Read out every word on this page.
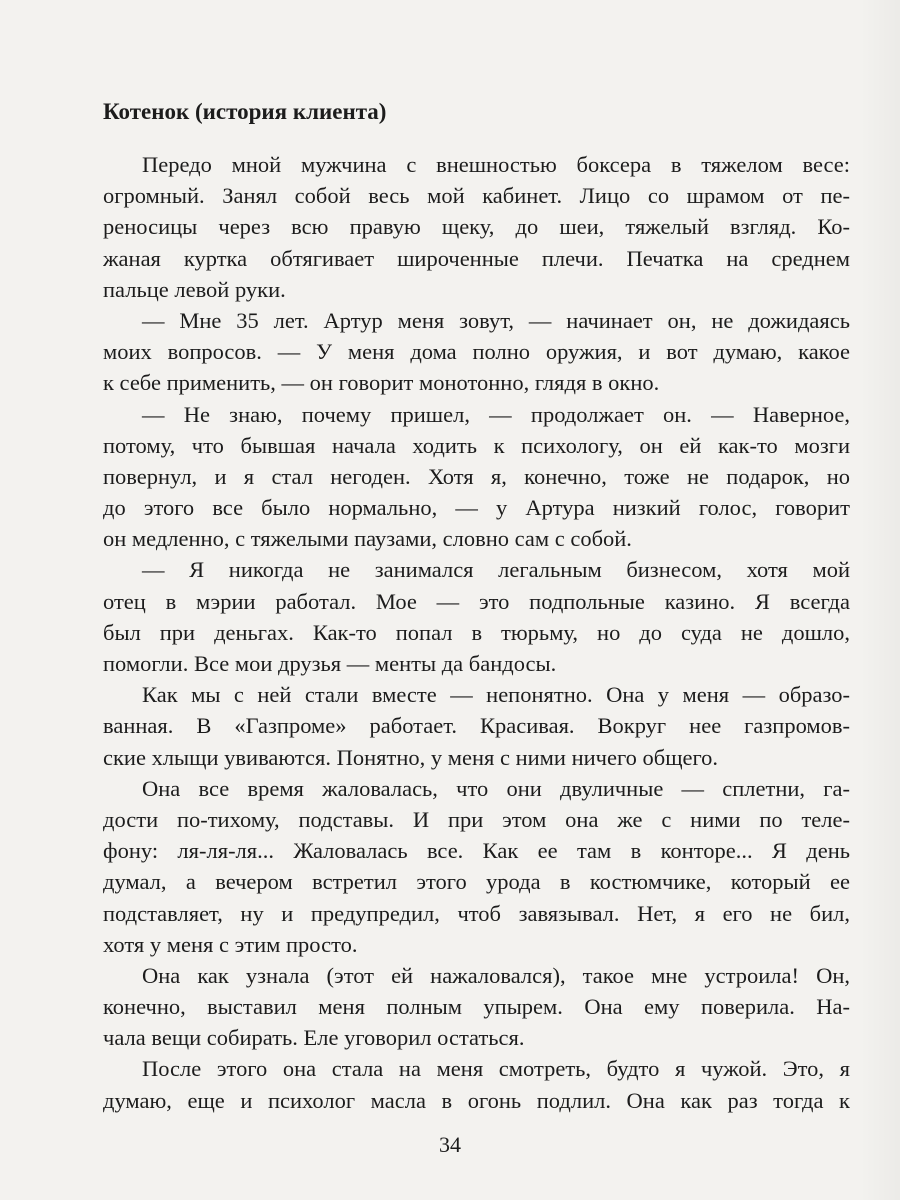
Котенок (история клиента)
Передо мной мужчина с внешностью боксера в тяжелом весе:
огромный. Занял собой весь мой кабинет. Лицо со шрамом от пе-
реносицы через всю правую щеку, до шеи, тяжелый взгляд. Ко-
жаная куртка обтягивает широченные плечи. Печатка на среднем
пальце левой руки.
— Мне 35 лет. Артур меня зовут, — начинает он, не дожидаясь
моих вопросов. — У меня дома полно оружия, и вот думаю, какое
к себе применить, — он говорит монотонно, глядя в окно.
— Не знаю, почему пришел, — продолжает он. — Наверное,
потому, что бывшая начала ходить к психологу, он ей как-то мозги
повернул, и я стал негоден. Хотя я, конечно, тоже не подарок, но
до этого все было нормально, — у Артура низкий голос, говорит
он медленно, с тяжелыми паузами, словно сам с собой.
— Я никогда не занимался легальным бизнесом, хотя мой
отец в мэрии работал. Мое — это подпольные казино. Я всегда
был при деньгах. Как-то попал в тюрьму, но до суда не дошло,
помогли. Все мои друзья — менты да бандосы.
Как мы с ней стали вместе — непонятно. Она у меня — образо-
ванная. В «Газпроме» работает. Красивая. Вокруг нее газпромов-
ские хлыщи увиваются. Понятно, у меня с ними ничего общего.
Она все время жаловалась, что они двуличные — сплетни, га-
дости по-тихому, подставы. И при этом она же с ними по теле-
фону: ля-ля-ля... Жаловалась все. Как ее там в конторе... Я день
думал, а вечером встретил этого урода в костюмчике, который ее
подставляет, ну и предупредил, чтоб завязывал. Нет, я его не бил,
хотя у меня с этим просто.
Она как узнала (этот ей нажаловался), такое мне устроила! Он,
конечно, выставил меня полным упырем. Она ему поверила. На-
чала вещи собирать. Еле уговорил остаться.
После этого она стала на меня смотреть, будто я чужой. Это, я
думаю, еще и психолог масла в огонь подлил. Она как раз тогда к
34
